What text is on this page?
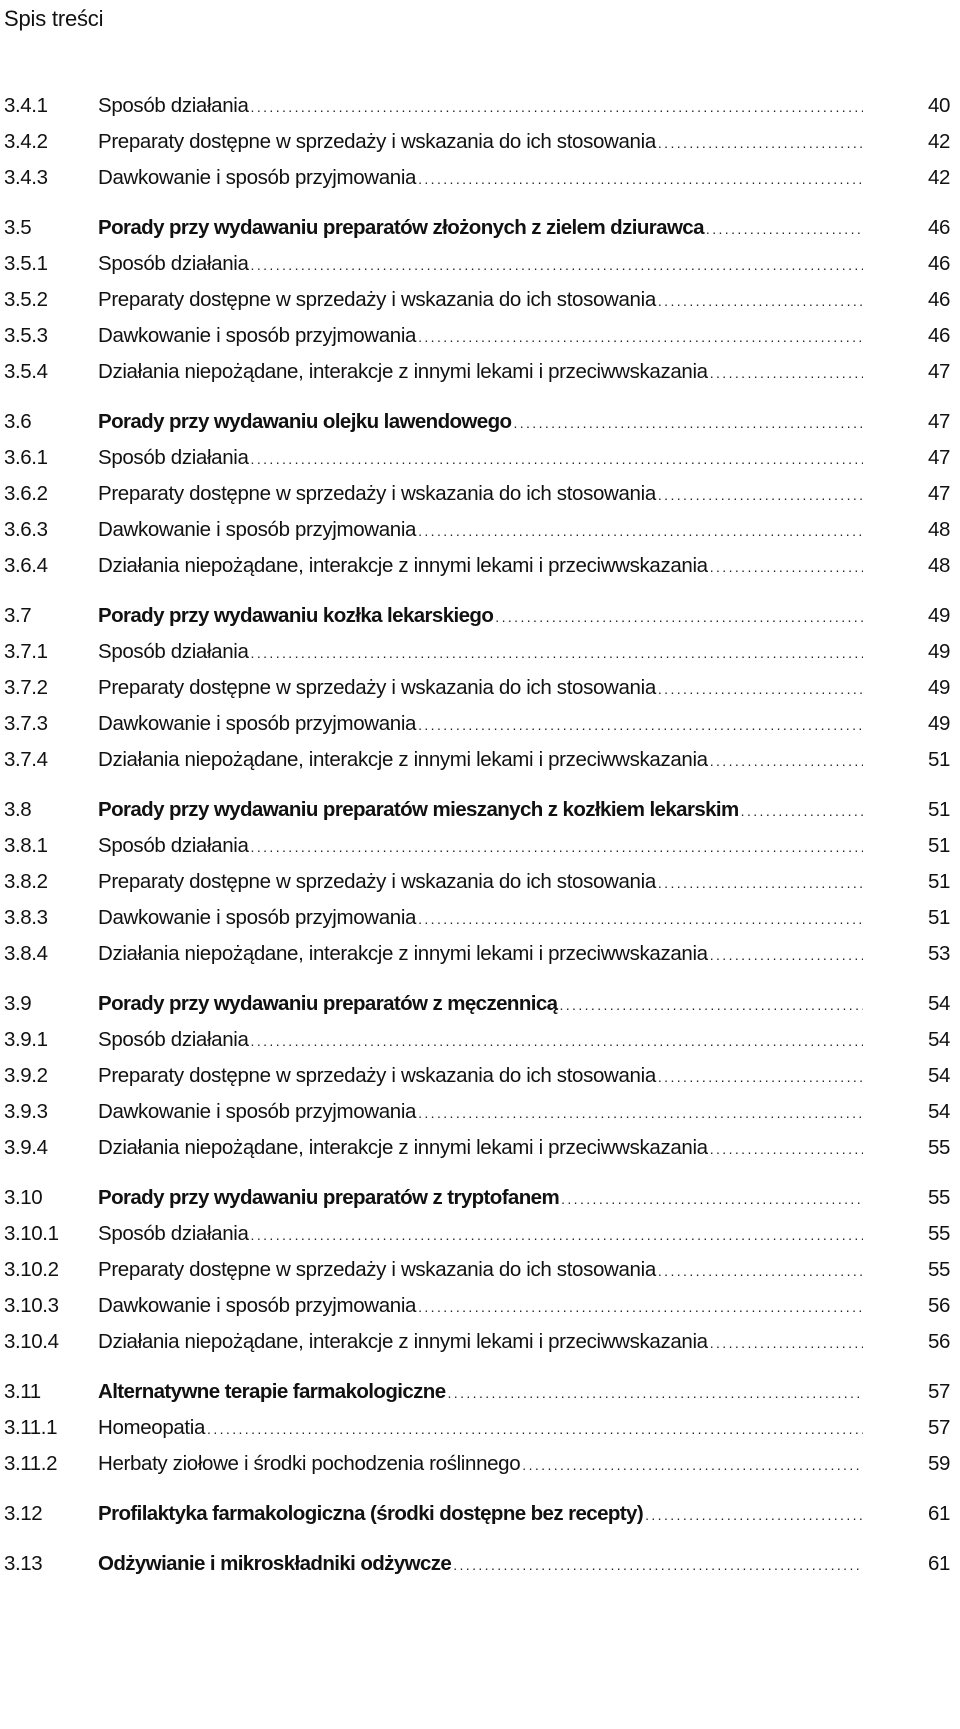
Spis treści
3.4.1	Sposób działania .....	40
3.4.2	Preparaty dostępne w sprzedaży i wskazania do ich stosowania .....	42
3.4.3	Dawkowanie i sposób przyjmowania .....	42
3.5	Porady przy wydawaniu preparatów złożonych z zielem dziurawca .....	46
3.5.1	Sposób działania .....	46
3.5.2	Preparaty dostępne w sprzedaży i wskazania do ich stosowania .....	46
3.5.3	Dawkowanie i sposób przyjmowania .....	46
3.5.4	Działania niepożądane, interakcje z innymi lekami i przeciwwskazania .....	47
3.6	Porady przy wydawaniu olejku lawendowego .....	47
3.6.1	Sposób działania .....	47
3.6.2	Preparaty dostępne w sprzedaży i wskazania do ich stosowania .....	47
3.6.3	Dawkowanie i sposób przyjmowania .....	48
3.6.4	Działania niepożądane, interakcje z innymi lekami i przeciwwskazania .....	48
3.7	Porady przy wydawaniu kozłka lekarskiego .....	49
3.7.1	Sposób działania .....	49
3.7.2	Preparaty dostępne w sprzedaży i wskazania do ich stosowania .....	49
3.7.3	Dawkowanie i sposób przyjmowania .....	49
3.7.4	Działania niepożądane, interakcje z innymi lekami i przeciwwskazania .....	51
3.8	Porady przy wydawaniu preparatów mieszanych z kozłkiem lekarskim .....	51
3.8.1	Sposób działania .....	51
3.8.2	Preparaty dostępne w sprzedaży i wskazania do ich stosowania .....	51
3.8.3	Dawkowanie i sposób przyjmowania .....	51
3.8.4	Działania niepożądane, interakcje z innymi lekami i przeciwwskazania .....	53
3.9	Porady przy wydawaniu preparatów z męczennicą .....	54
3.9.1	Sposób działania .....	54
3.9.2	Preparaty dostępne w sprzedaży i wskazania do ich stosowania .....	54
3.9.3	Dawkowanie i sposób przyjmowania .....	54
3.9.4	Działania niepożądane, interakcje z innymi lekami i przeciwwskazania .....	55
3.10	Porady przy wydawaniu preparatów z tryptofanem .....	55
3.10.1	Sposób działania .....	55
3.10.2	Preparaty dostępne w sprzedaży i wskazania do ich stosowania .....	55
3.10.3	Dawkowanie i sposób przyjmowania .....	56
3.10.4	Działania niepożądane, interakcje z innymi lekami i przeciwwskazania .....	56
3.11	Alternatywne terapie farmakologiczne .....	57
3.11.1	Homeopatia .....	57
3.11.2	Herbaty ziołowe i środki pochodzenia roślinnego .....	59
3.12	Profilaktyka farmakologiczna (środki dostępne bez recepty) .....	61
3.13	Odżywianie i mikroskładniki odżywcze .....	61
